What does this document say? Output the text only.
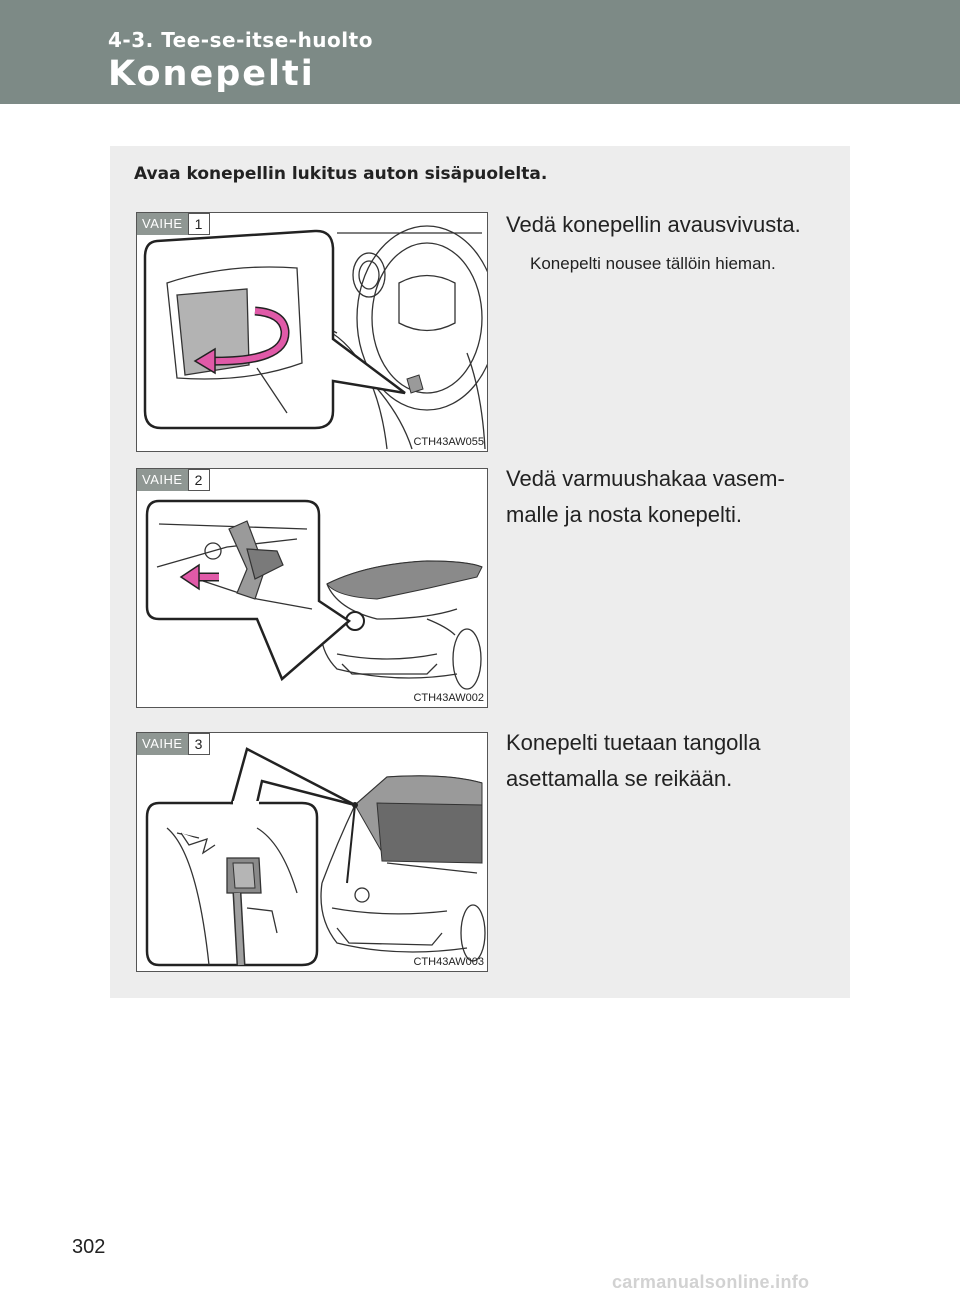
4-3. Tee-se-itse-huolto
Konepelti
Avaa konepellin lukitus auton sisäpuolelta.
VAIHE 1
CTH43AW055
Vedä konepellin avausvivusta.
Konepelti nousee tällöin hieman.
VAIHE 2
CTH43AW002
Vedä varmuushakaa vasem-
malle ja nosta konepelti.
VAIHE 3
CTH43AW003
Konepelti tuetaan tangolla
asettamalla se reikään.
302
carmanualsonline.info
